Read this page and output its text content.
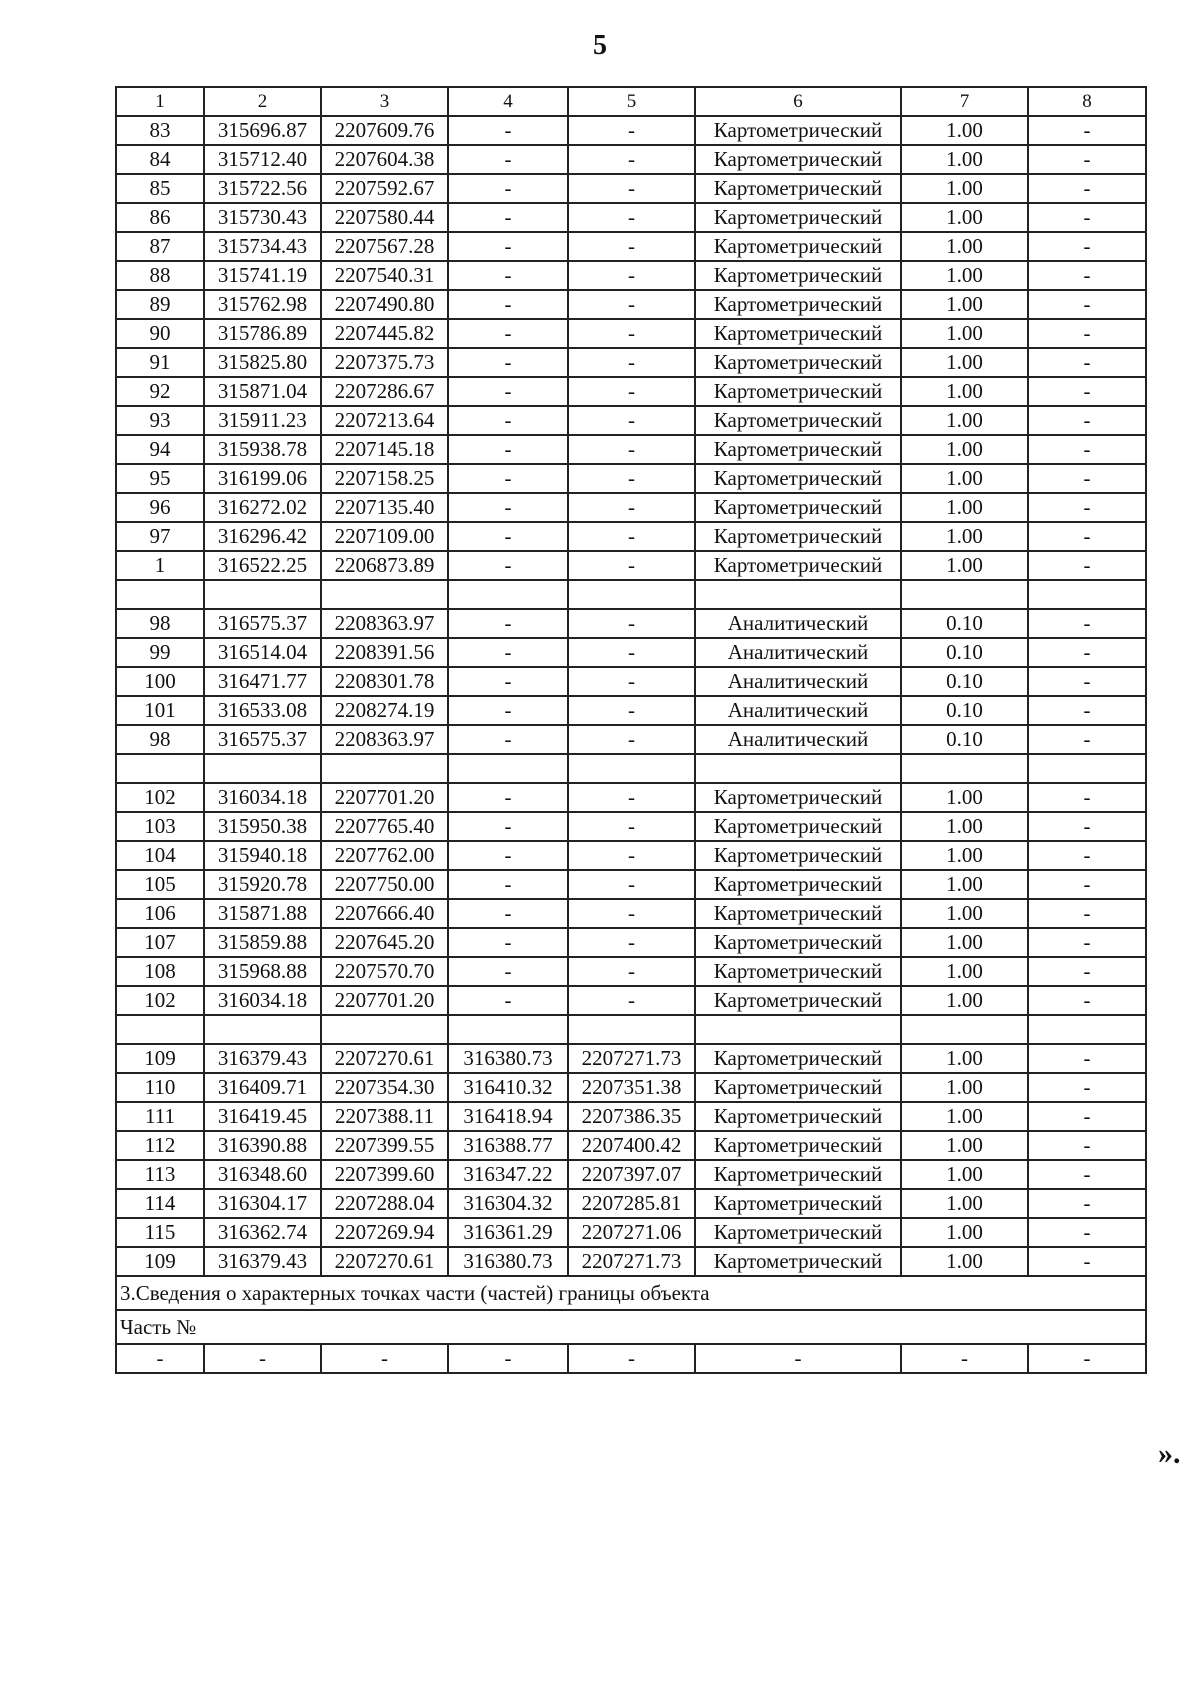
5
1	2	3	4	5	6	7	8
83	315696.87	2207609.76	-	-	Картометрический	1.00	-
84	315712.40	2207604.38	-	-	Картометрический	1.00	-
85	315722.56	2207592.67	-	-	Картометрический	1.00	-
86	315730.43	2207580.44	-	-	Картометрический	1.00	-
87	315734.43	2207567.28	-	-	Картометрический	1.00	-
88	315741.19	2207540.31	-	-	Картометрический	1.00	-
89	315762.98	2207490.80	-	-	Картометрический	1.00	-
90	315786.89	2207445.82	-	-	Картометрический	1.00	-
91	315825.80	2207375.73	-	-	Картометрический	1.00	-
92	315871.04	2207286.67	-	-	Картометрический	1.00	-
93	315911.23	2207213.64	-	-	Картометрический	1.00	-
94	315938.78	2207145.18	-	-	Картометрический	1.00	-
95	316199.06	2207158.25	-	-	Картометрический	1.00	-
96	316272.02	2207135.40	-	-	Картометрический	1.00	-
97	316296.42	2207109.00	-	-	Картометрический	1.00	-
1	316522.25	2206873.89	-	-	Картометрический	1.00	-

98	316575.37	2208363.97	-	-	Аналитический	0.10	-
99	316514.04	2208391.56	-	-	Аналитический	0.10	-
100	316471.77	2208301.78	-	-	Аналитический	0.10	-
101	316533.08	2208274.19	-	-	Аналитический	0.10	-
98	316575.37	2208363.97	-	-	Аналитический	0.10	-

102	316034.18	2207701.20	-	-	Картометрический	1.00	-
103	315950.38	2207765.40	-	-	Картометрический	1.00	-
104	315940.18	2207762.00	-	-	Картометрический	1.00	-
105	315920.78	2207750.00	-	-	Картометрический	1.00	-
106	315871.88	2207666.40	-	-	Картометрический	1.00	-
107	315859.88	2207645.20	-	-	Картометрический	1.00	-
108	315968.88	2207570.70	-	-	Картометрический	1.00	-
102	316034.18	2207701.20	-	-	Картометрический	1.00	-

109	316379.43	2207270.61	316380.73	2207271.73	Картометрический	1.00	-
110	316409.71	2207354.30	316410.32	2207351.38	Картометрический	1.00	-
111	316419.45	2207388.11	316418.94	2207386.35	Картометрический	1.00	-
112	316390.88	2207399.55	316388.77	2207400.42	Картометрический	1.00	-
113	316348.60	2207399.60	316347.22	2207397.07	Картометрический	1.00	-
114	316304.17	2207288.04	316304.32	2207285.81	Картометрический	1.00	-
115	316362.74	2207269.94	316361.29	2207271.06	Картометрический	1.00	-
109	316379.43	2207270.61	316380.73	2207271.73	Картометрический	1.00	-
3.Сведения о характерных точках части (частей) границы объекта							
Часть №							
-	-	-	-	-	-	-	-
».
